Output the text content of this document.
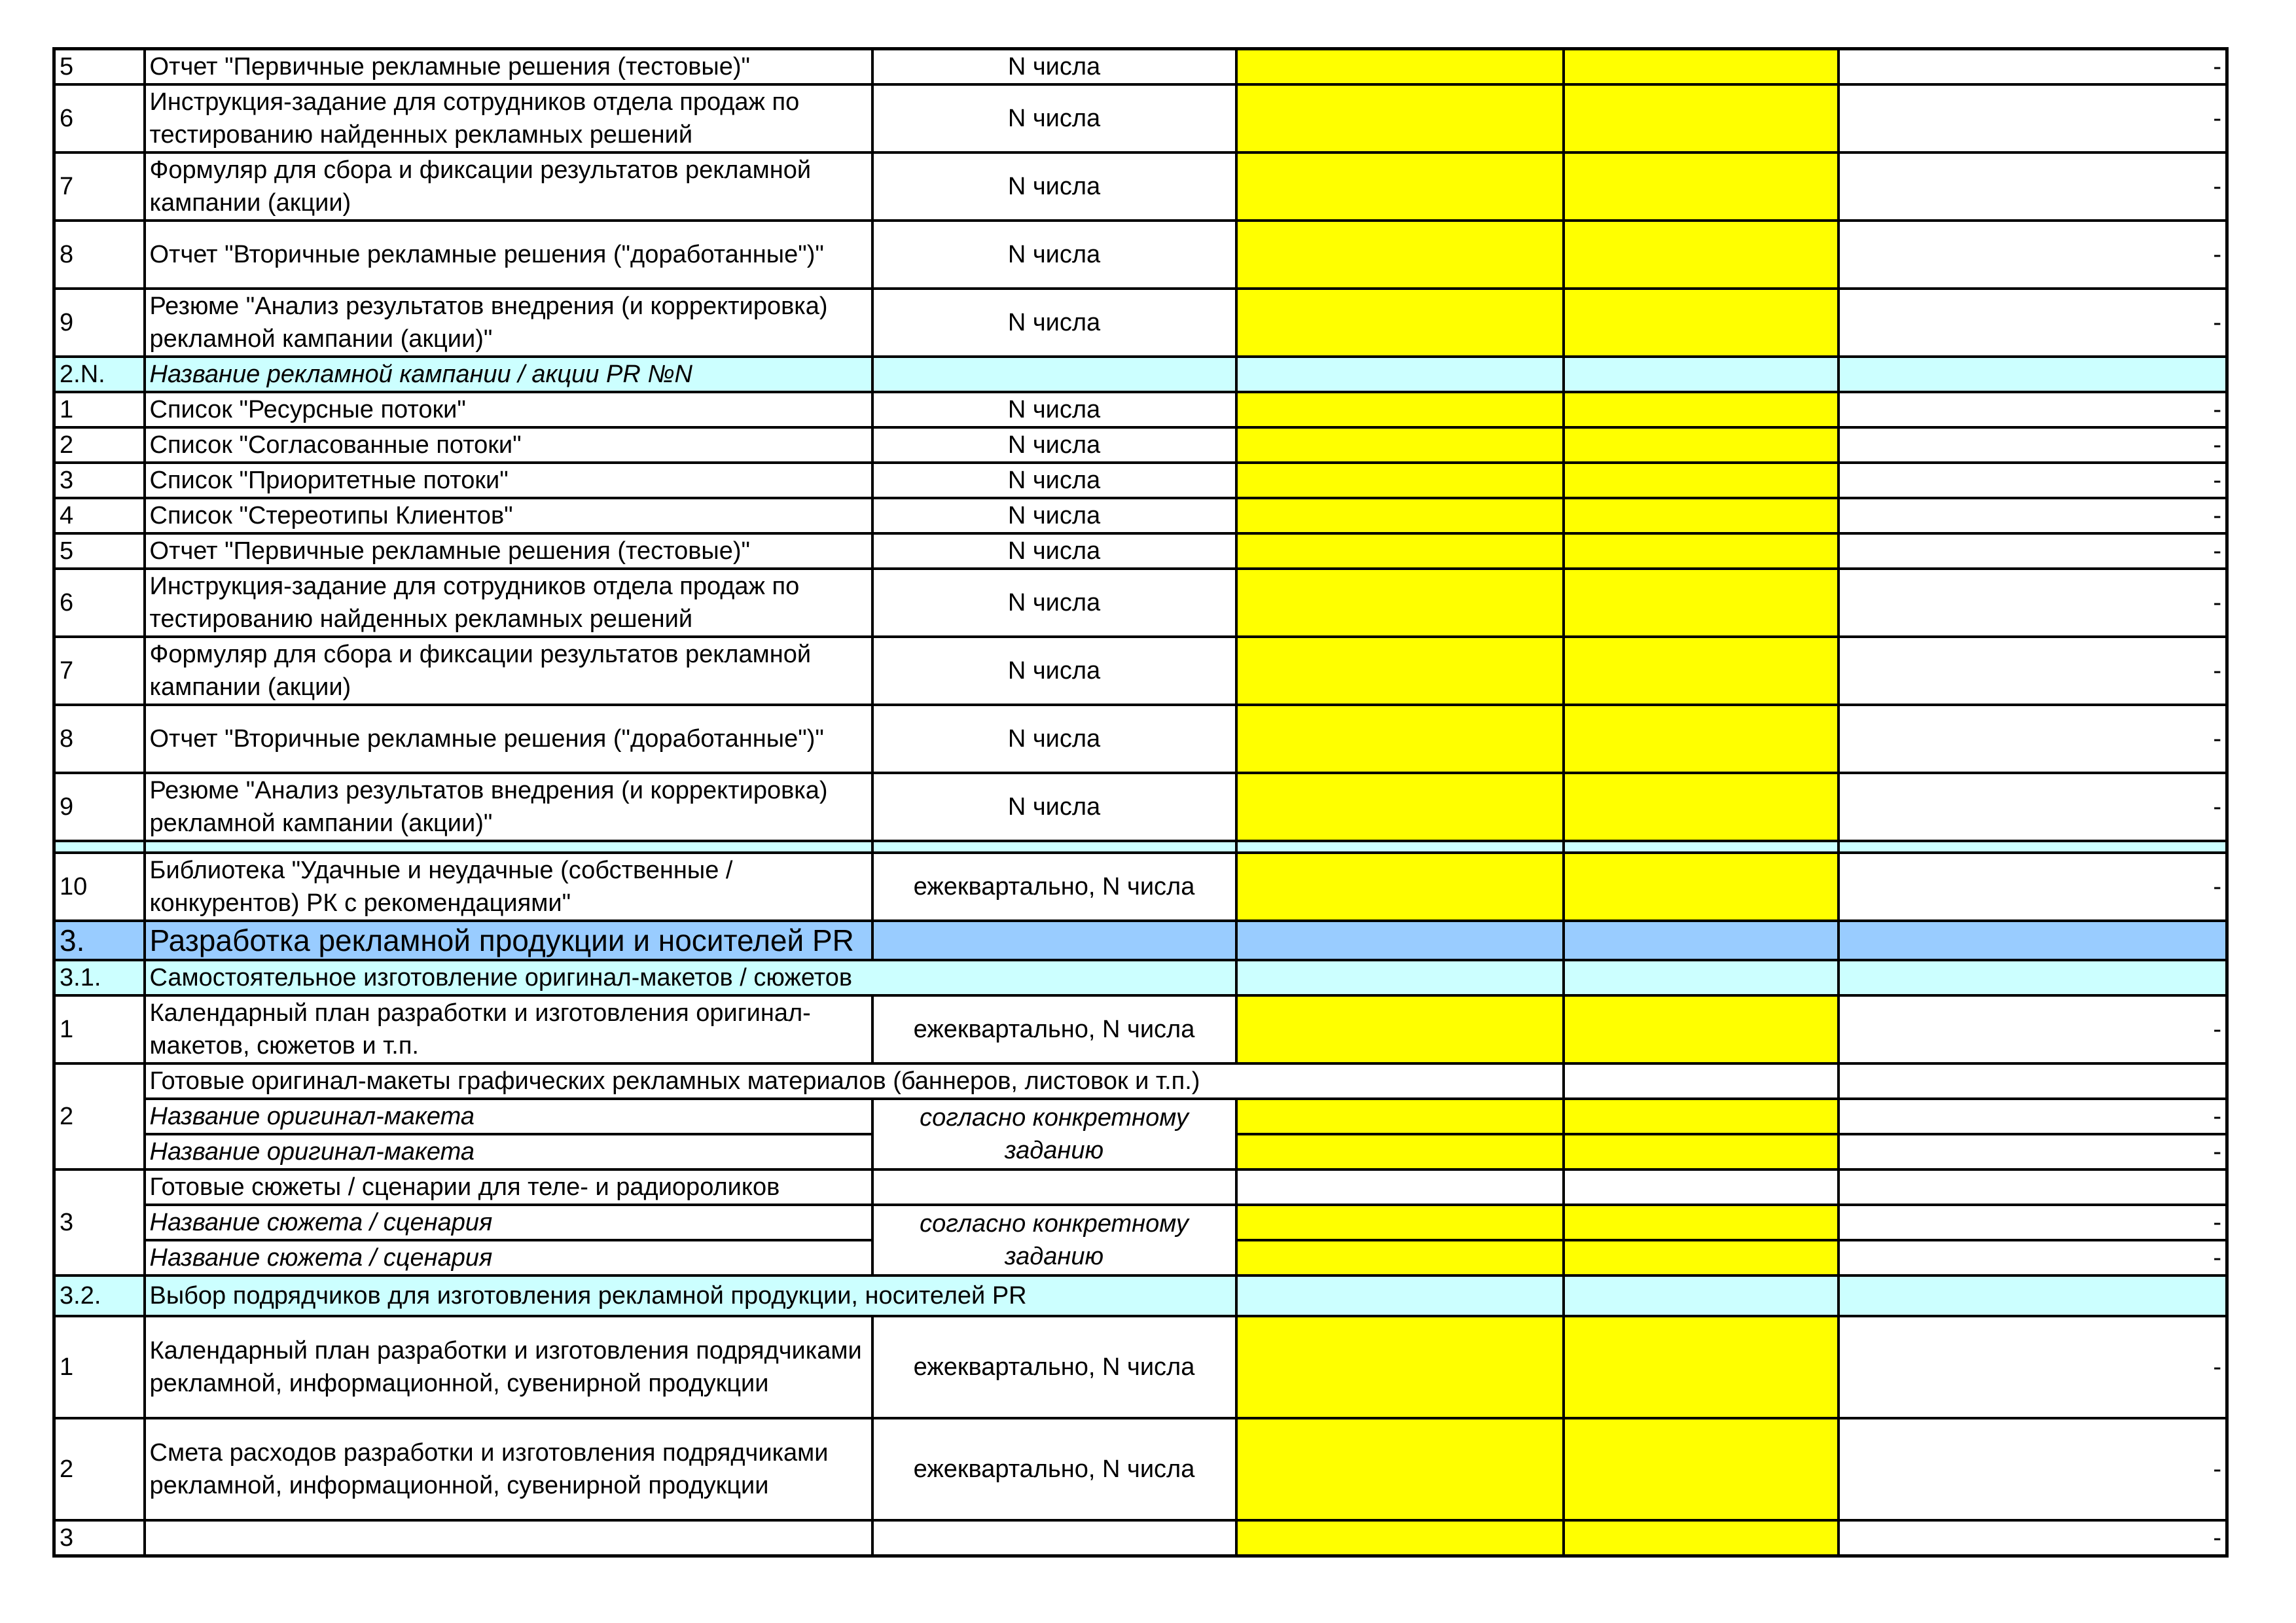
5	Отчет "Первичные рекламные решения (тестовые)"	N числа			-
6	Инструкция-задание для сотрудников отдела продаж по тестированию найденных рекламных решений	N числа			-
7	Формуляр для сбора и фиксации результатов рекламной кампании (акции)	N числа			-
8	Отчет "Вторичные рекламные решения ("доработанные")"	N числа			-
9	Резюме "Анализ результатов внедрения (и корректировка) рекламной кампании (акции)"	N числа			-
2.N.	Название рекламной кампании / акции PR №N				
1	Список "Ресурсные потоки"	N числа			-
2	Список "Согласованные потоки"	N числа			-
3	Список "Приоритетные потоки"	N числа			-
4	Список "Стереотипы Клиентов"	N числа			-
5	Отчет "Первичные рекламные решения (тестовые)"	N числа			-
6	Инструкция-задание для сотрудников отдела продаж по тестированию найденных рекламных решений	N числа			-
7	Формуляр для сбора и фиксации результатов рекламной кампании (акции)	N числа			-
8	Отчет "Вторичные рекламные решения ("доработанные")"	N числа			-
9	Резюме "Анализ результатов внедрения (и корректировка) рекламной кампании (акции)"	N числа			-

10	Библиотека "Удачные и неудачные (собственные / конкурентов) РК с рекомендациями"	ежеквартально, N числа			-
3.	Разработка рекламной продукции и носителей PR				
3.1.	Самостоятельное изготовление оригинал-макетов / сюжетов				
1	Календарный план разработки и изготовления оригинал-макетов, сюжетов и т.п.	ежеквартально, N числа			-
2	Готовые оригинал-макеты графических рекламных материалов (баннеров, листовок и т.п.)				
	Название оригинал-макета	согласно конкретному заданию			-
	Название оригинал-макета				-
3	Готовые сюжеты / сценарии для теле- и радиороликов				
	Название сюжета / сценария	согласно конкретному заданию			-
	Название сюжета / сценария				-
3.2.	Выбор подрядчиков для изготовления рекламной продукции, носителей PR				
1	Календарный план разработки и изготовления подрядчиками рекламной, информационной, сувенирной продукции	ежеквартально, N числа			-
2	Смета расходов разработки и изготовления подрядчиками рекламной, информационной, сувенирной продукции	ежеквартально, N числа			-
3					-
